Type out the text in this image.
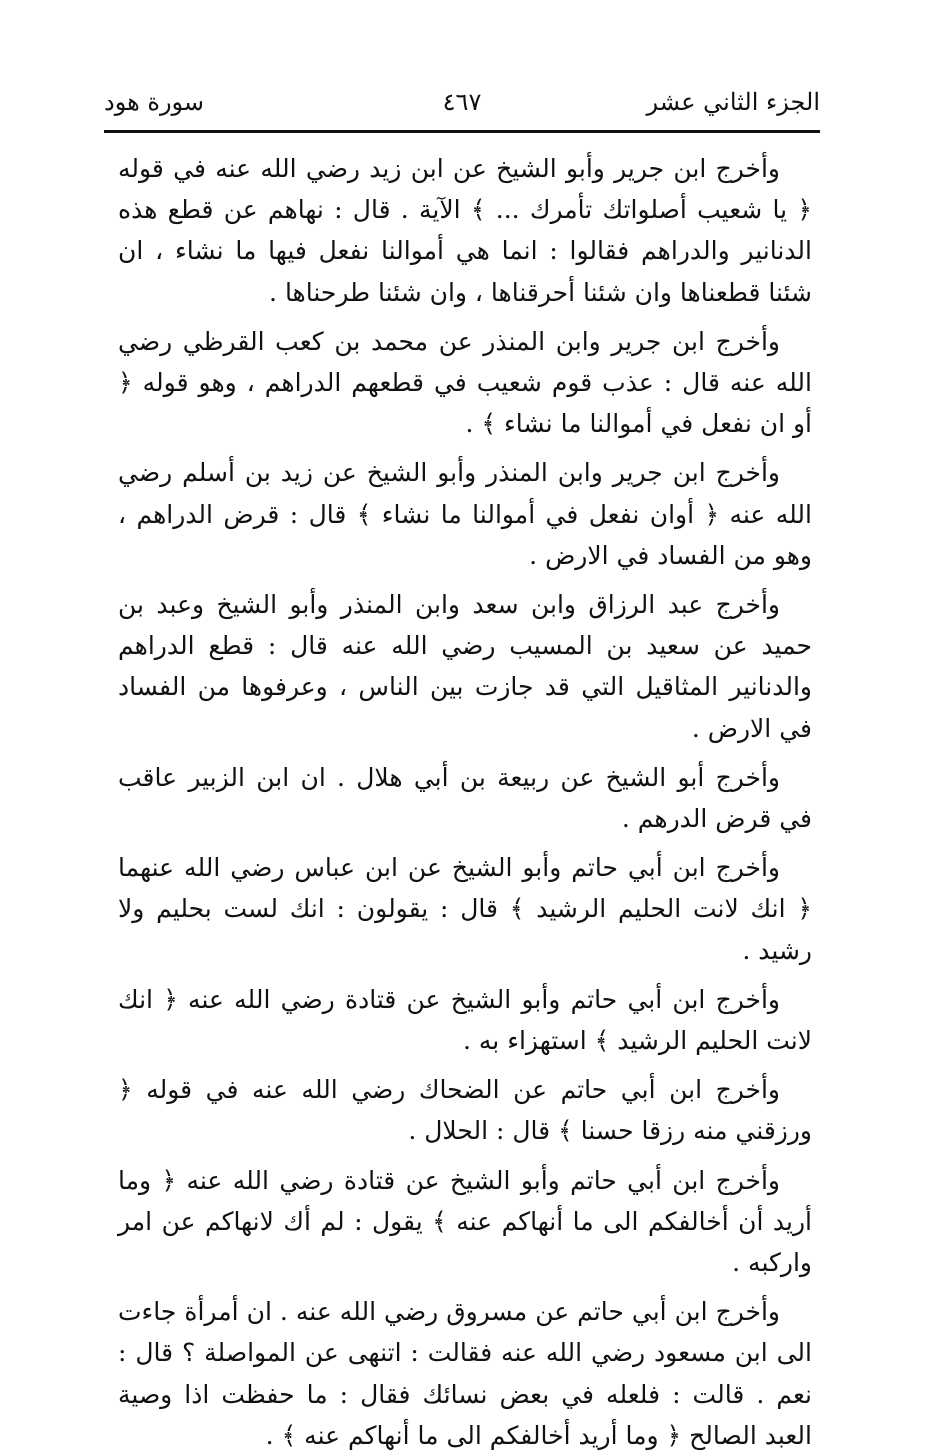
الجزء الثاني عشر
٤٦٧
سورة هود

وأخرج ابن جرير وأبو الشيخ عن ابن زيد رضي الله عنه في قوله ﴿ يا شعيب أصلواتك تأمرك ... ﴾ الآية . قال : نهاهم عن قطع هذه الدنانير والدراهم فقالوا : انما هي أموالنا نفعل فيها ما نشاء ، ان شئنا قطعناها وان شئنا أحرقناها ، وان شئنا طرحناها .

وأخرج ابن جرير وابن المنذر عن محمد بن كعب القرظي رضي الله عنه قال : عذب قوم شعيب في قطعهم الدراهم ، وهو قوله ﴿ أو ان نفعل في أموالنا ما نشاء ﴾ .

وأخرج ابن جرير وابن المنذر وأبو الشيخ عن زيد بن أسلم رضي الله عنه ﴿ أوان نفعل في أموالنا ما نشاء ﴾ قال : قرض الدراهم ، وهو من الفساد في الارض .

وأخرج عبد الرزاق وابن سعد وابن المنذر وأبو الشيخ وعبد بن حميد عن سعيد بن المسيب رضي الله عنه قال : قطع الدراهم والدنانير المثاقيل التي قد جازت بين الناس ، وعرفوها من الفساد في الارض .

وأخرج أبو الشيخ عن ربيعة بن أبي هلال . ان ابن الزبير عاقب في قرض الدرهم .

وأخرج ابن أبي حاتم وأبو الشيخ عن ابن عباس رضي الله عنهما ﴿ انك لانت الحليم الرشيد ﴾ قال : يقولون : انك لست بحليم ولا رشيد .

وأخرج ابن أبي حاتم وأبو الشيخ عن قتادة رضي الله عنه ﴿ انك لانت الحليم الرشيد ﴾ استهزاء به .

وأخرج ابن أبي حاتم عن الضحاك رضي الله عنه في قوله ﴿ ورزقني منه رزقا حسنا ﴾ قال : الحلال .

وأخرج ابن أبي حاتم وأبو الشيخ عن قتادة رضي الله عنه ﴿ وما أريد أن أخالفكم الى ما أنهاكم عنه ﴾ يقول : لم أك لانهاكم عن امر واركبه .

وأخرج ابن أبي حاتم عن مسروق رضي الله عنه . ان أمرأة جاءت الى ابن مسعود رضي الله عنه فقالت : اتنهى عن المواصلة ؟ قال : نعم . قالت : فلعله في بعض نسائك فقال : ما حفظت اذا وصية العبد الصالح ﴿ وما أريد أخالفكم الى ما أنهاكم عنه ﴾ .
